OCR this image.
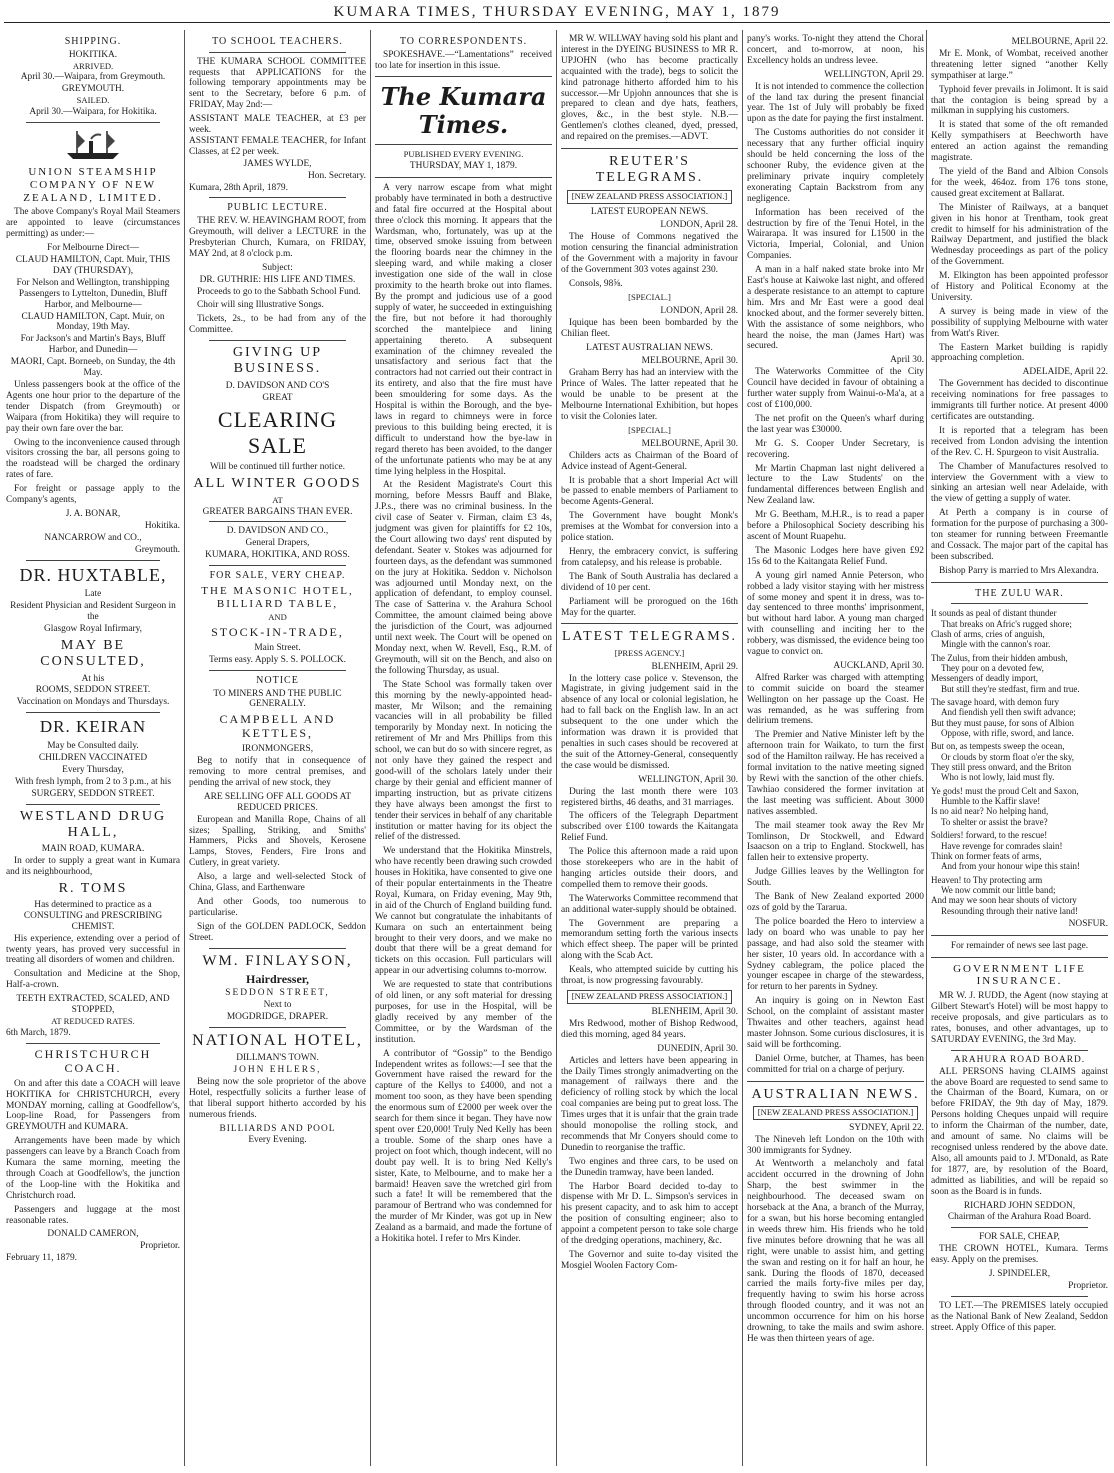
KUMARA TIMES, THURSDAY EVENING, MAY 1, 1879
SHIPPING.
HOKITIKA.
ARRIVED.
April 30.—Waipara, from Greymouth.
GREYMOUTH.
SAILED.
April 30.—Waipara, for Hokitika.
UNION STEAMSHIP COMPANY OF NEW ZEALAND, LIMITED.

The above Company's Royal Mail Steamers are appointed to leave (circumstances permitting) as under:—

For Melbourne Direct—
CLAUD HAMILTON, Capt. Muir, THIS DAY (THURSDAY),
For Nelson and Wellington, transhipping Passengers to Lyttelton, Dunedin, Bluff Harbor, and Melbourne—
CLAUD HAMILTON, Capt. Muir, on Monday, 19th May.
For Jackson's and Martin's Bays, Bluff Harbor, and Dunedin—
MAORI, Capt. Borneeb, on Sunday, the 4th May.

Unless passengers book at the office of the Agents one hour prior to the departure of the tender Dispatch (from Greymouth) or Waipara (from Hokitika) they will require to pay their own fare over the bar.

Owing to the inconvenience caused through visitors crossing the bar, all persons going to the roadstead will be charged the ordinary rates of fare.

For freight or passage apply to the Company's agents,

J. A. BONAR,
Hokitika.
NANCARROW and CO.,
Greymouth.
DR. HUXTABLE,
Late
Resident Physician and Resident Surgeon in the
Glasgow Royal Infirmary,
MAY BE CONSULTED,
At his
ROOMS, SEDDON STREET.
Vaccination on Mondays and Thursdays.
DR. KEIRAN
May be Consulted daily.
CHILDREN VACCINATED
Every Thursday,
With fresh lymph, from 2 to 3 p.m., at his
SURGERY, SEDDON STREET.
WESTLAND DRUG HALL,
MAIN ROAD, KUMARA.

In order to supply a great want in Kumara and its neighbourhood,

R. TOMS
Has determined to practice as a CONSULTING and PRESCRIBING CHEMIST.

His experience, extending over a period of twenty years, has proved very successful in treating all disorders of women and children.

Consultation and Medicine at the Shop, Half-a-crown.

TEETH EXTRACTED, SCALED, AND STOPPED,
AT REDUCED RATES.
6th March, 1879.
CHRISTCHURCH COACH.

On and after this date a COACH will leave HOKITIKA for CHRISTCHURCH, every MONDAY morning, calling at Goodfellow's, Loop-line Road, for Passengers from GREYMOUTH and KUMARA.

Arrangements have been made by which passengers can leave by a Branch Coach from Kumara the same morning, meeting the through Coach at Goodfellow's, the junction of the Loop-line with the Hokitika and Christchurch road.

Passengers and luggage at the most reasonable rates.

DONALD CAMERON,
Proprietor.
February 11, 1879.
TO SCHOOL TEACHERS.

THE KUMARA SCHOOL COMMITTEE requests that APPLICATIONS for the following temporary appointments may be sent to the Secretary, before 6 p.m. of FRIDAY, May 2nd:—

ASSISTANT MALE TEACHER, at £3 per week.
ASSISTANT FEMALE TEACHER, for Infant Classes, at £2 per week.
JAMES WYLDE,
Hon. Secretary.
Kumara, 28th April, 1879.
PUBLIC LECTURE.

THE REV. W. HEAVINGHAM ROOT, from Greymouth, will deliver a LECTURE in the Presbyterian Church, Kumara, on FRIDAY, MAY 2nd, at 8 o'clock p.m.

Subject:
DR. GUTHRIE: HIS LIFE AND TIMES.

Proceeds to go to the Sabbath School Fund.

Choir will sing Illustrative Songs.

Tickets, 2s., to be had from any of the Committee.

GIVING UP BUSINESS.
D. DAVIDSON AND CO'S
GREAT
CLEARING SALE
Will be continued till further notice.
ALL WINTER GOODS
AT
GREATER BARGAINS THAN EVER.
D. DAVIDSON AND CO.,
General Drapers,
KUMARA, HOKITIKA, AND ROSS.
FOR SALE, VERY CHEAP.
THE MASONIC HOTEL, BILLIARD TABLE,
AND
STOCK-IN-TRADE,
Main Street.
Terms easy. Apply S. S. POLLOCK.
NOTICE
TO MINERS AND THE PUBLIC GENERALLY.
CAMPBELL AND KETTLES,
IRONMONGERS,

Beg to notify that in consequence of removing to more central premises, and pending the arrival of new stock, they

ARE SELLING OFF ALL GOODS AT REDUCED PRICES.

European and Manilla Rope, Chains of all sizes; Spalling, Striking, and Smiths' Hammers, Picks and Shovels, Kerosene Lamps, Stoves, Fenders, Fire Irons and Cutlery, in great variety.

Also, a large and well-selected Stock of China, Glass, and Earthenware

And other Goods, too numerous to particularise.

Sign of the GOLDEN PADLOCK, Seddon Street.

WM. FINLAYSON,
Hairdresser,
SEDDON STREET,
Next to
MOGDRIDGE, DRAPER.
NATIONAL HOTEL,
DILLMAN'S TOWN.
JOHN EHLERS,

Being now the sole proprietor of the above Hotel, respectfully solicits a further lease of that liberal support hitherto accorded by his numerous friends.

BILLIARDS AND POOL
Every Evening.
TO CORRESPONDENTS.

SPOKESHAVE.—“Lamentations” received too late for insertion in this issue.

The Kumara Times.
PUBLISHED EVERY EVENING.
THURSDAY, MAY 1, 1879.

A very narrow escape from what might probably have terminated in both a destructive and fatal fire occurred at the Hospital about three o'clock this morning. It appears that the Wardsman, who, fortunately, was up at the time, observed smoke issuing from between the flooring boards near the chimney in the sleeping ward, and while making a closer investigation one side of the wall in close proximity to the hearth broke out into flames. By the prompt and judicious use of a good supply of water, he succeeded in extinguishing the fire, but not before it had thoroughly scorched the mantelpiece and lining appertaining thereto. A subsequent examination of the chimney revealed the unsatisfactory and serious fact that the contractors had not carried out their contract in its entirety, and also that the fire must have been smouldering for some days. As the Hospital is within the Borough, and the bye-laws in regard to chimneys were in force previous to this building being erected, it is difficult to understand how the bye-law in regard thereto has been avoided, to the danger of the unfortunate patients who may be at any time lying helpless in the Hospital.

At the Resident Magistrate's Court this morning, before Messrs Bauff and Blake, J.P.s., there was no criminal business. In the civil case of Seater v. Firman, claim £3 4s, judgment was given for plaintiffs for £2 10s, the Court allowing two days' rent disputed by defendant. Seater v. Stokes was adjourned for fourteen days, as the defendant was summoned on the jury at Hokitika. Seddon v. Nicholson was adjourned until Monday next, on the application of defendant, to employ counsel. The case of Satterina v. the Arahura School Committee, the amount claimed being above the jurisdiction of the Court, was adjourned until next week. The Court will be opened on Monday next, when W. Revell, Esq., R.M. of Greymouth, will sit on the Bench, and also on the following Thursday, as usual.

The State School was formally taken over this morning by the newly-appointed head-master, Mr Wilson; and the remaining vacancies will in all probability be filled temporarily by Monday next. In noticing the retirement of Mr and Mrs Phillips from this school, we can but do so with sincere regret, as not only have they gained the respect and good-will of the scholars lately under their charge by their genial and efficient manner of imparting instruction, but as private citizens they have always been amongst the first to tender their services in behalf of any charitable institution or matter having for its object the relief of the distressed.

We understand that the Hokitika Minstrels, who have recently been drawing such crowded houses in Hokitika, have consented to give one of their popular entertainments in the Theatre Royal, Kumara, on Friday evening, May 9th, in aid of the Church of England building fund. We cannot but congratulate the inhabitants of Kumara on such an entertainment being brought to their very doors, and we make no doubt that there will be a great demand for tickets on this occasion. Full particulars will appear in our advertising columns to-morrow.

We are requested to state that contributions of old linen, or any soft material for dressing purposes, for use in the Hospital, will be gladly received by any member of the Committee, or by the Wardsman of the institution.

A contributor of “Gossip” to the Bendigo Independent writes as follows:—I see that the Government have raised the reward for the capture of the Kellys to £4000, and not a moment too soon, as they have been spending the enormous sum of £2000 per week over the search for them since it began. They have now spent over £20,000! Truly Ned Kelly has been a trouble. Some of the sharp ones have a project on foot which, though indecent, will no doubt pay well. It is to bring Ned Kelly's sister, Kate, to Melbourne, and to make her a barmaid! Heaven save the wretched girl from such a fate! It will be remembered that the paramour of Bertrand who was condemned for the murder of Mr Kinder, was got up in New Zealand as a barmaid, and made the fortune of a Hokitika hotel. I refer to Mrs Kinder.

MR W. WILLWAY having sold his plant and interest in the DYEING BUSINESS to MR R. UPJOHN (who has become practically acquainted with the trade), begs to solicit the kind patronage hitherto afforded him to his successor.—Mr Upjohn announces that she is prepared to clean and dye hats, feathers, gloves, &c., in the best style. N.B.—Gentlemen's clothes cleaned, dyed, pressed, and repaired on the premises.—ADVT.

REUTER'S TELEGRAMS.
[NEW ZEALAND PRESS ASSOCIATION.]
LATEST EUROPEAN NEWS.
LONDON, April 28.

The House of Commons negatived the motion censuring the financial administration of the Government with a majority in favour of the Government 303 votes against 230.

Consols, 98⅝.

[SPECIAL.]
LONDON, April 28.

Iquique has been been bombarded by the Chilian fleet.

LATEST AUSTRALIAN NEWS.
MELBOURNE, April 30.

Graham Berry has had an interview with the Prince of Wales. The latter repeated that he would be unable to be present at the Melbourne International Exhibition, but hopes to visit the Colonies later.

[SPECIAL.]
MELBOURNE, April 30.

Childers acts as Chairman of the Board of Advice instead of Agent-General.

It is probable that a short Imperial Act will be passed to enable members of Parliament to become Agents-General.

The Government have bought Monk's premises at the Wombat for conversion into a police station.

Henry, the embracery convict, is suffering from catalepsy, and his release is probable.

The Bank of South Australia has declared a dividend of 10 per cent.

Parliament will be prorogued on the 16th May for the quarter.

LATEST TELEGRAMS.
[PRESS AGENCY.]
BLENHEIM, April 29.

In the lottery case police v. Stevenson, the Magistrate, in giving judgement said in the absence of any local or colonial legislation, he had to fall back on the English law. In an act subsequent to the one under which the information was drawn it is provided that penalties in such cases should be recovered at the suit of the Attorney-General, consequently the case would be dismissed.

WELLINGTON, April 30.

During the last month there were 103 registered births, 46 deaths, and 31 marriages.

The officers of the Telegraph Department subscribed over £100 towards the Kaitangata Relief Fund.

The Police this afternoon made a raid upon those storekeepers who are in the habit of hanging articles outside their doors, and compelled them to remove their goods.

The Waterworks Committee recommend that an additional water-supply should be obtained.

The Government are preparing a memorandum setting forth the various insects which effect sheep. The paper will be printed along with the Scab Act.

Keals, who attempted suicide by cutting his throat, is now progressing favourably.

[NEW ZEALAND PRESS ASSOCIATION.]
BLENHEIM, April 30.

Mrs Redwood, mother of Bishop Redwood, died this morning, aged 84 years.

DUNEDIN, April 30.

Articles and letters have been appearing in the Daily Times strongly animadverting on the management of railways there and the deficiency of rolling stock by which the local coal companies are being put to great loss. The Times urges that it is unfair that the grain trade should monopolise the rolling stock, and recommends that Mr Conyers should come to Dunedin to reorganise the traffic.

Two engines and three cars, to be used on the Dunedin tramway, have been landed.

The Harbor Board decided to-day to dispense with Mr D. L. Simpson's services in his present capacity, and to ask him to accept the position of consulting engineer; also to appoint a competent person to take sole charge of the dredging operations, machinery, &c.

The Governor and suite to-day visited the Mosgiel Woolen Factory Com-

pany's works. To-night they attend the Choral concert, and to-morrow, at noon, his Excellency holds an undress levee.

WELLINGTON, April 29.

It is not intended to commence the collection of the land tax during the present financial year. The 1st of July will probably be fixed upon as the date for paying the first instalment.

The Customs authorities do not consider it necessary that any further official inquiry should be held concerning the loss of the schooner Ruby, the evidence given at the preliminary private inquiry completely exonerating Captain Backstrom from any negligence.

Information has been received of the destruction by fire of the Tenui Hotel, in the Wairarapa. It was insured for L1500 in the Victoria, Imperial, Colonial, and Union Companies.

A man in a half naked state broke into Mr East's house at Kaiwoke last night, and offered a desperate resistance to an attempt to capture him. Mrs and Mr East were a good deal knocked about, and the former severely bitten. With the assistance of some neighbors, who heard the noise, the man (James Hart) was secured.

April 30.

The Waterworks Committee of the City Council have decided in favour of obtaining a further water supply from Wainui-o-Ma'a, at a cost of £100,000.

The net profit on the Queen's wharf during the last year was £30000.

Mr G. S. Cooper Under Secretary, is recovering.

Mr Martin Chapman last night delivered a lecture to the Law Students' on the fundamental differences between English and New Zealand law.

Mr G. Beetham, M.H.R., is to read a paper before a Philosophical Society describing his ascent of Mount Ruapehu.

The Masonic Lodges here have given £92 15s 6d to the Kaitangata Relief Fund.

A young girl named Annie Peterson, who robbed a lady visitor staying with her mistress of some money and spent it in dress, was to-day sentenced to three months' imprisonment, but without hard labor. A young man charged with counselling and inciting her to the robbery, was dismissed, the evidence being too vague to convict on.

AUCKLAND, April 30.

Alfred Rarker was charged with attempting to commit suicide on board the steamer Wellington on her passage up the Coast. He was remanded, as he was suffering from delirium tremens.

The Premier and Native Minister left by the afternoon train for Waikato, to turn the first sod of the Hamilton railway. He has received a formal invitation to the native meeting signed by Rewi with the sanction of the other chiefs. Tawhiao considered the former invitation at the last meeting was sufficient. About 3000 natives assembled.

The mail steamer took away the Rev Mr Tomlinson, Dr Stockwell, and Edward Isaacson on a trip to England. Stockwell, has fallen heir to extensive property.

Judge Gillies leaves by the Wellington for South.

The Bank of New Zealand exported 2000 ozs of gold by the Tararua.

The police boarded the Hero to interview a lady on board who was unable to pay her passage, and had also sold the steamer with her sister, 10 years old. In accordance with a Sydney cablegram, the police placed the younger escapee in charge of the stewardess, for return to her parents in Sydney.

An inquiry is going on in Newton East School, on the complaint of assistant master Thwaites and other teachers, against head master Johnson. Some curious disclosures, it is said will be forthcoming.

Daniel Orme, butcher, at Thames, has been committed for trial on a charge of perjury.

AUSTRALIAN NEWS.
[NEW ZEALAND PRESS ASSOCIATION.]
SYDNEY, April 22.

The Nineveh left London on the 10th with 300 immigrants for Sydney.

At Wentworth a melancholy and fatal accident occurred in the drowning of John Sharp, the best swimmer in the neighbourhood. The deceased swam on horseback at the Ana, a branch of the Murray, for a swan, but his horse becoming entangled in weeds threw him. His friends who he told five minutes before drowning that he was all right, were unable to assist him, and getting the swan and resting on it for half an hour, he sank. During the floods of 1870, deceased carried the mails forty-five miles per day, frequently having to swim his horse across through flooded country, and it was not an uncommon occurrence for him on his horse drowning, to take the mails and swim ashore. He was then thirteen years of age.

MELBOURNE, April 22.

Mr E. Monk, of Wombat, received another threatening letter signed “another Kelly sympathiser at large.”

Typhoid fever prevails in Jolimont. It is said that the contagion is being spread by a milkman in supplying his customers.

It is stated that some of the oft remanded Kelly sympathisers at Beechworth have entered an action against the remanding magistrate.

The yield of the Band and Albion Consols for the week, 464oz. from 176 tons stone, caused great excitement at Ballarat.

The Minister of Railways, at a banquet given in his honor at Trentham, took great credit to himself for his administration of the Railway Department, and justified the black Wednesday proceedings as part of the policy of the Government.

M. Elkington has been appointed professor of History and Political Economy at the University.

A survey is being made in view of the possibility of supplying Melbourne with water from Watt's River.

The Eastern Market building is rapidly approaching completion.

ADELAIDE, April 22.

The Government has decided to discontinue receiving nominations for free passages to immigrants till further notice. At present 4000 certificates are outstanding.

It is reported that a telegram has been received from London advising the intention of the Rev. C. H. Spurgeon to visit Australia.

The Chamber of Manufactures resolved to interview the Government with a view to sinking an artesian well near Adelaide, with the view of getting a supply of water.

At Perth a company is in course of formation for the purpose of purchasing a 300-ton steamer for running between Freemantle and Cossack. The major part of the capital has been subscribed.

Bishop Parry is married to Mrs Alexandra.

THE ZULU WAR.
It sounds as peal of distant thunder
That breaks on Afric's rugged shore;
Clash of arms, cries of anguish,
Mingle with the cannon's roar.
The Zulus, from their hidden ambush,
They pour on a devoted few,
Messengers of deadly import,
But still they're stedfast, firm and true.
The savage hoard, with demon fury
And fiendish yell then swift advance;
But they must pause, for sons of Albion
Oppose, with rifle, sword, and lance.
But on, as tempests sweep the ocean,
Or clouds by storm float o'er the sky,
They still press onward, and the Briton
Who is not lowly, laid must fly.
Ye gods! must the proud Celt and Saxon,
Humble to the Kaffir slave!
Is no aid near? No helping hand,
To shelter or assist the brave?
Soldiers! forward, to the rescue!
Have revenge for comrades slain!
Think on former feats of arms,
And from your honour wipe this stain!
Heaven! to Thy protecting arm
We now commit our little band;
And may we soon hear shouts of victory
Resounding through their native land!
NOSFUR.
For remainder of news see last page.
GOVERNMENT LIFE INSURANCE.

MR W. J. RUDD, the Agent (now staying at Gilbert Stewart's Hotel) will be most happy to receive proposals, and give particulars as to rates, bonuses, and other advantages, up to SATURDAY EVENING, the 3rd May.

ARAHURA ROAD BOARD.

ALL PERSONS having CLAIMS against the above Board are requested to send same to the Chairman of the Board, Kumara, on or before FRIDAY, the 9th day of May, 1879. Persons holding Cheques unpaid will require to inform the Chairman of the number, date, and amount of same. No claims will be recognised unless rendered by the above date. Also, all amounts paid to J. M'Donald, as Rate for 1877, are, by resolution of the Board, admitted as liabilities, and will be repaid so soon as the Board is in funds.

RICHARD JOHN SEDDON,
Chairman of the Arahura Road Board.
FOR SALE, CHEAP,

THE CROWN HOTEL, Kumara. Terms easy. Apply on the premises.

J. SPINDELER,
Proprietor.

TO LET.—The PREMISES lately occupied as the National Bank of New Zealand, Seddon street. Apply Office of this paper.
